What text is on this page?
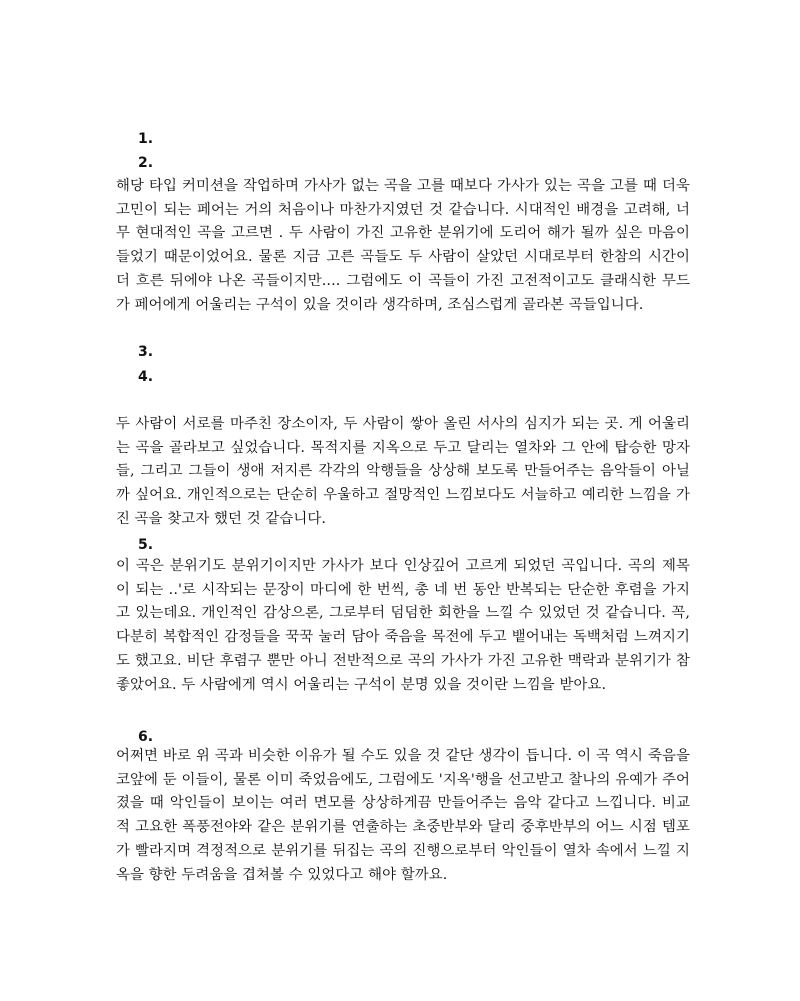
1.
2.

해당 타입 커미션을 작업하며 가사가 없는 곡을 고를 때보다 가사가 있는 곡을 고를 때 더욱 고민이 되는 페어는 거의 처음이나 마찬가지였던 것 같습니다. 시대적인 배경을 고려해, 너무 현대적인 곡을 고르면 . 두 사람이 가진 고유한 분위기에 도리어 해가 될까 싶은 마음이 들었기 때문이었어요. 물론 지금 고른 곡들도 두 사람이 살았던 시대로부터 한참의 시간이 더 흐른 뒤에야 나온 곡들이지만.... 그럼에도 이 곡들이 가진 고전적이고도 클래식한 무드가 페어에게 어울리는 구석이 있을 것이라 생각하며, 조심스럽게 골라본 곡들입니다.

3.
4.

두 사람이 서로를 마주친 장소이자, 두 사람이 쌓아 올린 서사의 심지가 되는 곳. 게 어울리는 곡을 골라보고 싶었습니다. 목적지를 지옥으로 두고 달리는 열차와 그 안에 탑승한 망자들, 그리고 그들이 생애 저지른 각각의 악행들을 상상해 보도록 만들어주는 음악들이 아닐까 싶어요. 개인적으로는 단순히 우울하고 절망적인 느낌보다도 서늘하고 예리한 느낌을 가진 곡을 찾고자 했던 것 같습니다.

5.

이 곡은 분위기도 분위기이지만 가사가 보다 인상깊어 고르게 되었던 곡입니다. 곡의 제목이 되는 ..'로 시작되는 문장이 마디에 한 번씩, 총 네 번 동안 반복되는 단순한 후렴을 가지고 있는데요. 개인적인 감상으론, 그로부터 덤덤한 회한을 느낄 수 있었던 것 같습니다. 꼭, 다분히 복합적인 감정들을 꾹꾹 눌러 담아 죽음을 목전에 두고 뱉어내는 독백처럼 느껴지기도 했고요. 비단 후렴구 뿐만 아니 전반적으로 곡의 가사가 가진 고유한 맥락과 분위기가 참 좋았어요. 두 사람에게 역시 어울리는 구석이 분명 있을 것이란 느낌을 받아요.

6.

어쩌면 바로 위 곡과 비슷한 이유가 될 수도 있을 것 같단 생각이 듭니다. 이 곡 역시 죽음을 코앞에 둔 이들이, 물론 이미 죽었음에도, 그럼에도 '지옥'행을 선고받고 찰나의 유예가 주어졌을 때 악인들이 보이는 여러 면모를 상상하게끔 만들어주는 음악 같다고 느낍니다. 비교적 고요한 폭풍전야와 같은 분위기를 연출하는 초중반부와 달리 중후반부의 어느 시점 템포가 빨라지며 격정적으로 분위기를 뒤집는 곡의 진행으로부터 악인들이 열차 속에서 느낄 지옥을 향한 두려움을 겹쳐볼 수 있었다고 해야 할까요.
